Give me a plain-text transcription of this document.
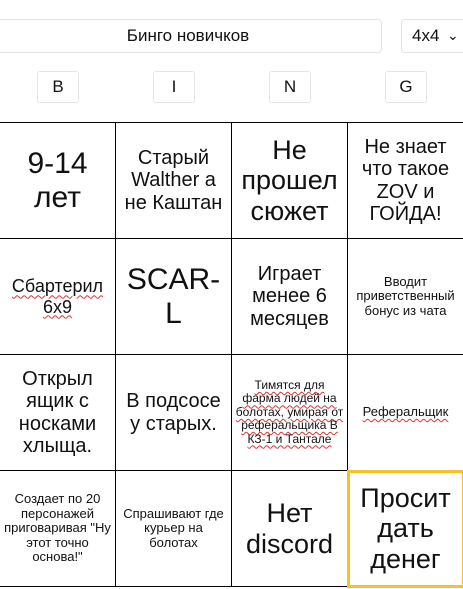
Бинго новичков
4x4 ⌄
B	I	N	G
9-14 лет
Старый Walther а не Каштан
Не прошел сюжет
Не знает что такое ZOV и ГОЙДА!
Сбартерил 6x9
SCAR-L
Играет менее 6 месяцев
Вводит приветственный бонус из чата
Открыл ящик с носками хлыща.
В подсосе у старых.
Тимятся для фарма людей на болотах, умирая от реферальщика В КЗ-1 и Тантале
Реферальщик
Создает по 20 персонажей приговаривая "Ну этот точно основа!"
Спрашивают где курьер на болотах
Нет discord
Просит дать денег
